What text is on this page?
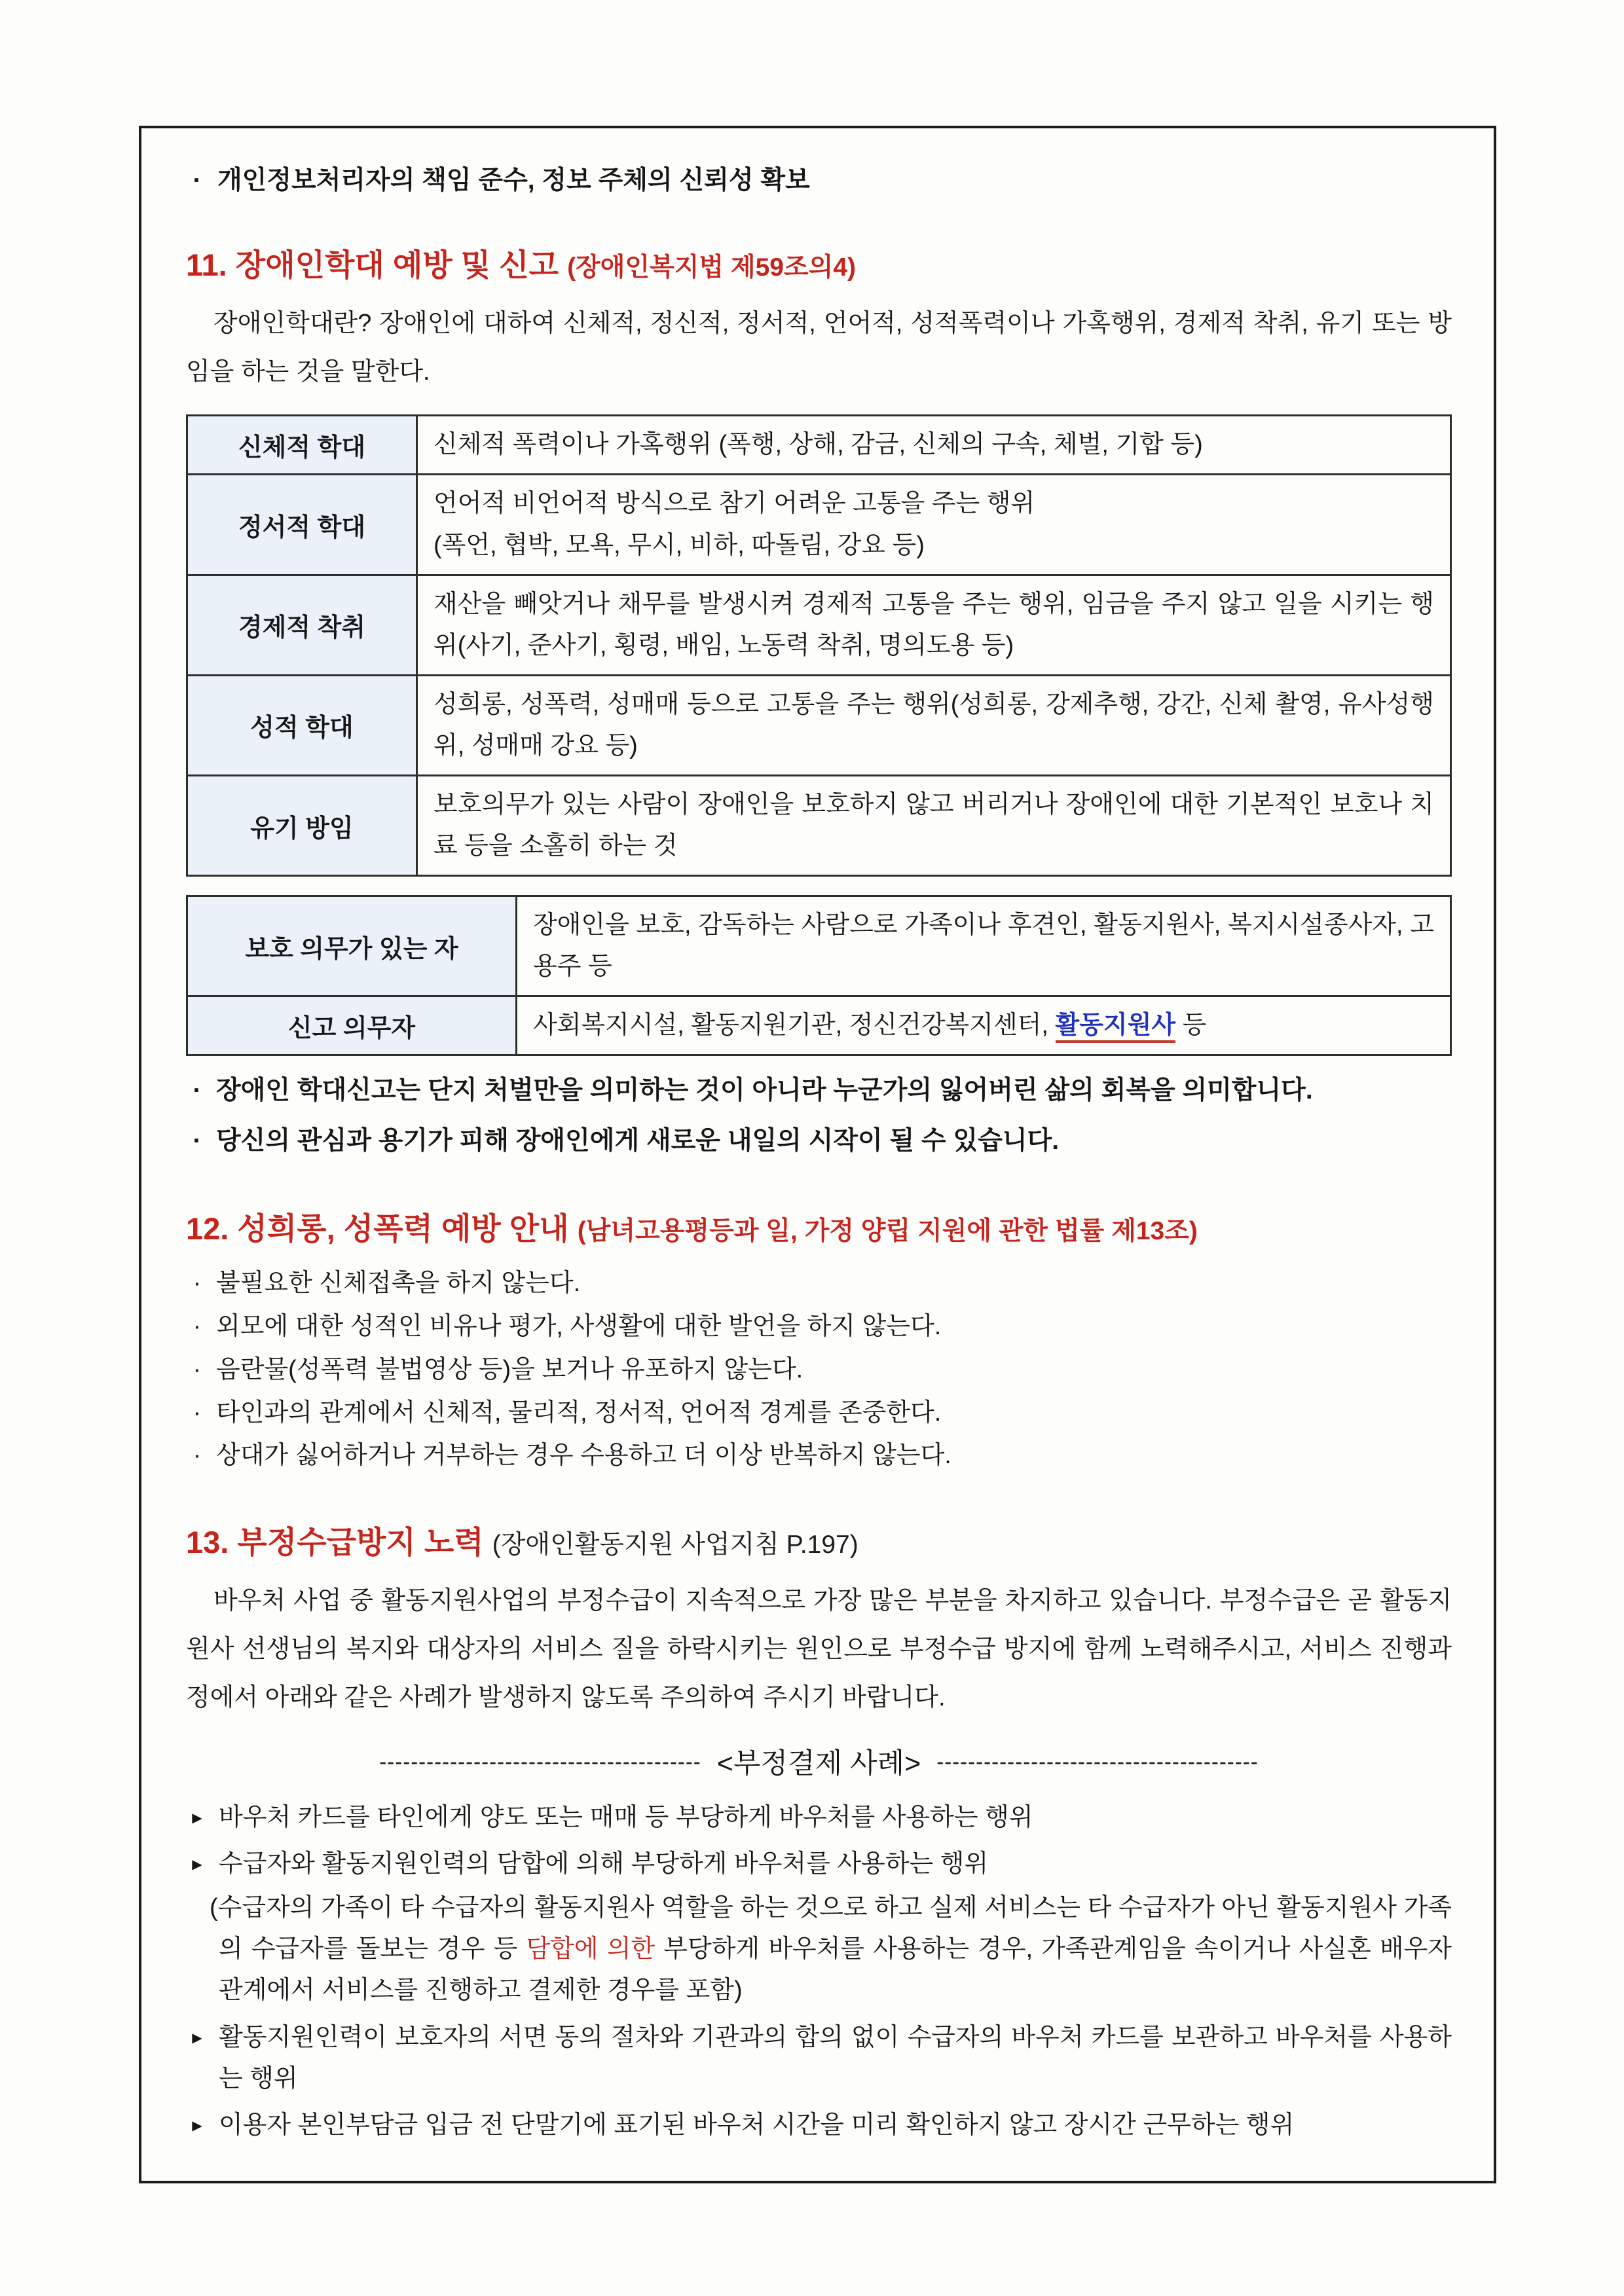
· 개인정보처리자의 책임 준수, 정보 주체의 신뢰성 확보
11. 장애인학대 예방 및 신고 (장애인복지법 제59조의4)
장애인학대란? 장애인에 대하여 신체적, 정신적, 정서적, 언어적, 성적폭력이나 가혹행위, 경제적 착취, 유기 또는 방임을 하는 것을 말한다.
신체적 학대	신체적 폭력이나 가혹행위 (폭행, 상해, 감금, 신체의 구속, 체벌, 기합 등)
정서적 학대	언어적 비언어적 방식으로 참기 어려운 고통을 주는 행위
(폭언, 협박, 모욕, 무시, 비하, 따돌림, 강요 등)

경제적 착취	재산을 빼앗거나 채무를 발생시켜 경제적 고통을 주는 행위, 임금을 주지 않고 일을 시키는 행위(사기, 준사기, 횡령, 배임, 노동력 착취, 명의도용 등)
성적 학대	성희롱, 성폭력, 성매매 등으로 고통을 주는 행위(성희롱, 강제추행, 강간, 신체 촬영, 유사성행위, 성매매 강요 등)
유기 방임	보호의무가 있는 사람이 장애인을 보호하지 않고 버리거나 장애인에 대한 기본적인 보호나 치료 등을 소홀히 하는 것
보호 의무가 있는 자	장애인을 보호, 감독하는 사람으로 가족이나 후견인, 활동지원사, 복지시설종사자, 고용주 등
신고 의무자	사회복지시설, 활동지원기관, 정신건강복지센터, 활동지원사 등
· 장애인 학대신고는 단지 처벌만을 의미하는 것이 아니라 누군가의 잃어버린 삶의 회복을 의미합니다.
· 당신의 관심과 용기가 피해 장애인에게 새로운 내일의 시작이 될 수 있습니다.
12. 성희롱, 성폭력 예방 안내 (남녀고용평등과 일, 가정 양립 지원에 관한 법률 제13조)
· 불필요한 신체접촉을 하지 않는다.
· 외모에 대한 성적인 비유나 평가, 사생활에 대한 발언을 하지 않는다.
· 음란물(성폭력 불법영상 등)을 보거나 유포하지 않는다.
· 타인과의 관계에서 신체적, 물리적, 정서적, 언어적 경계를 존중한다.
· 상대가 싫어하거나 거부하는 경우 수용하고 더 이상 반복하지 않는다.
13. 부정수급방지 노력 (장애인활동지원 사업지침 P.197)
바우처 사업 중 활동지원사업의 부정수급이 지속적으로 가장 많은 부분을 차지하고 있습니다. 부정수급은 곧 활동지원사 선생님의 복지와 대상자의 서비스 질을 하락시키는 원인으로 부정수급 방지에 함께 노력해주시고, 서비스 진행과정에서 아래와 같은 사례가 발생하지 않도록 주의하여 주시기 바랍니다.
----------------------------------------- <부정결제 사례> -----------------------------------------
▸ 바우처 카드를 타인에게 양도 또는 매매 등 부당하게 바우처를 사용하는 행위
▸ 수급자와 활동지원인력의 담합에 의해 부당하게 바우처를 사용하는 행위
(수급자의 가족이 타 수급자의 활동지원사 역할을 하는 것으로 하고 실제 서비스는 타 수급자가 아닌 활동지원사 가족의 수급자를 돌보는 경우 등 담합에 의한 부당하게 바우처를 사용하는 경우, 가족관계임을 속이거나 사실혼 배우자 관계에서 서비스를 진행하고 결제한 경우를 포함)
▸ 활동지원인력이 보호자의 서면 동의 절차와 기관과의 합의 없이 수급자의 바우처 카드를 보관하고 바우처를 사용하는 행위
▸ 이용자 본인부담금 입금 전 단말기에 표기된 바우처 시간을 미리 확인하지 않고 장시간 근무하는 행위
